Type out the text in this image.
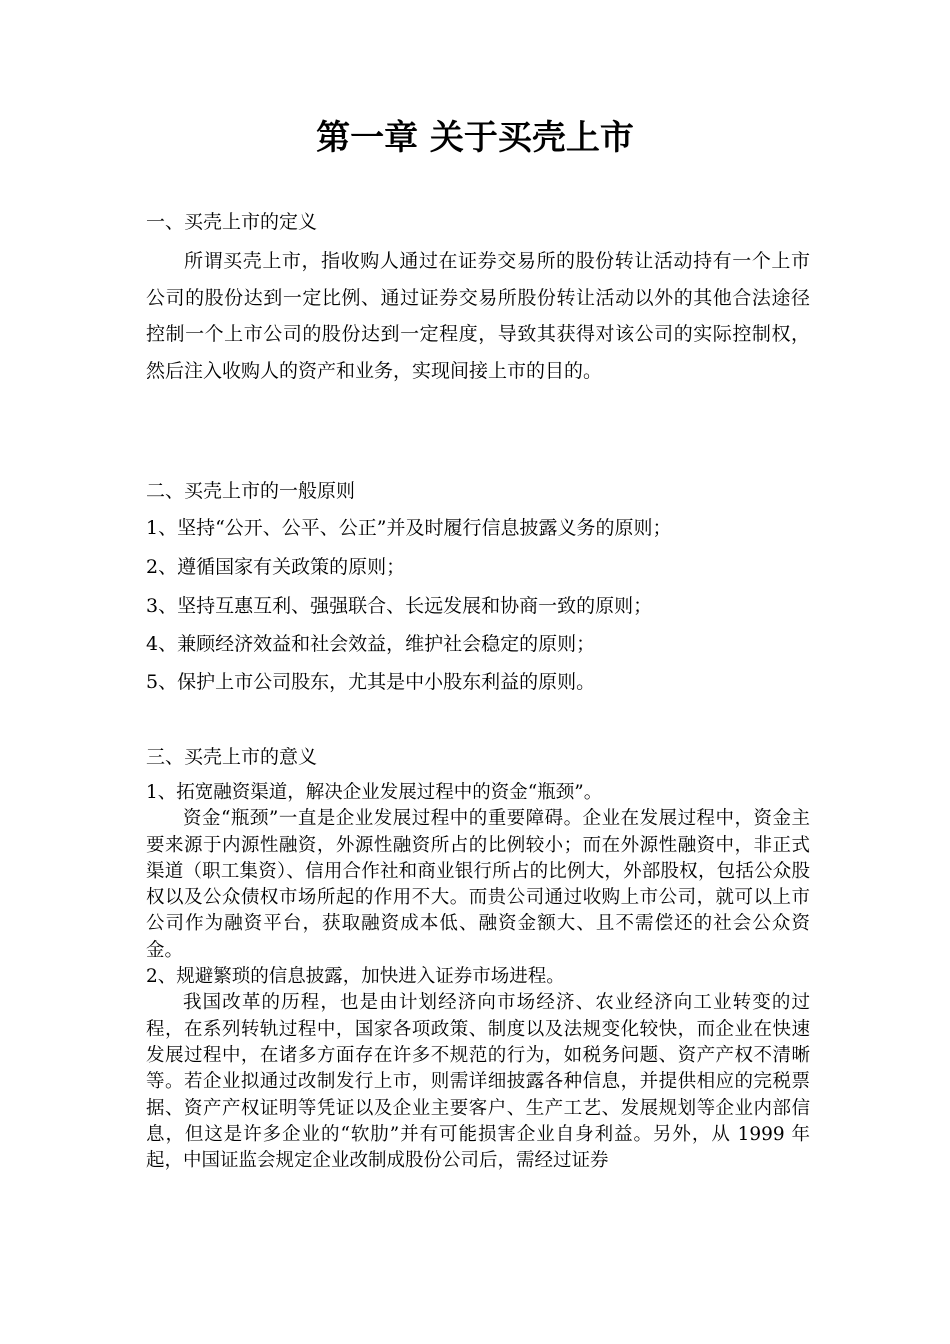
第一章 关于买壳上市
一、买壳上市的定义
所谓买壳上市，指收购人通过在证券交易所的股份转让活动持有一个上市公司的股份达到一定比例、通过证券交易所股份转让活动以外的其他合法途径控制一个上市公司的股份达到一定程度，导致其获得对该公司的实际控制权，然后注入收购人的资产和业务，实现间接上市的目的。
二、买壳上市的一般原则
1、坚持“公开、公平、公正”并及时履行信息披露义务的原则；
2、遵循国家有关政策的原则；
3、坚持互惠互利、强强联合、长远发展和协商一致的原则；
4、兼顾经济效益和社会效益，维护社会稳定的原则；
5、保护上市公司股东，尤其是中小股东利益的原则。
三、买壳上市的意义

1、拓宽融资渠道，解决企业发展过程中的资金“瓶颈”。

资金“瓶颈”一直是企业发展过程中的重要障碍。企业在发展过程中，资金主要来源于内源性融资，外源性融资所占的比例较小；而在外源性融资中，非正式渠道（职工集资）、信用合作社和商业银行所占的比例大，外部股权，包括公众股权以及公众债权市场所起的作用不大。而贵公司通过收购上市公司，就可以上市公司作为融资平台，获取融资成本低、融资金额大、且不需偿还的社会公众资金。

2、规避繁琐的信息披露，加快进入证券市场进程。

我国改革的历程，也是由计划经济向市场经济、农业经济向工业转变的过程，在系列转轨过程中，国家各项政策、制度以及法规变化较快，而企业在快速发展过程中，在诸多方面存在许多不规范的行为，如税务问题、资产产权不清晰等。若企业拟通过改制发行上市，则需详细披露各种信息，并提供相应的完税票据、资产产权证明等凭证以及企业主要客户、生产工艺、发展规划等企业内部信息，但这是许多企业的“软肋”并有可能损害企业自身利益。另外，从 1999 年起，中国证监会规定企业改制成股份公司后，需经过证券
